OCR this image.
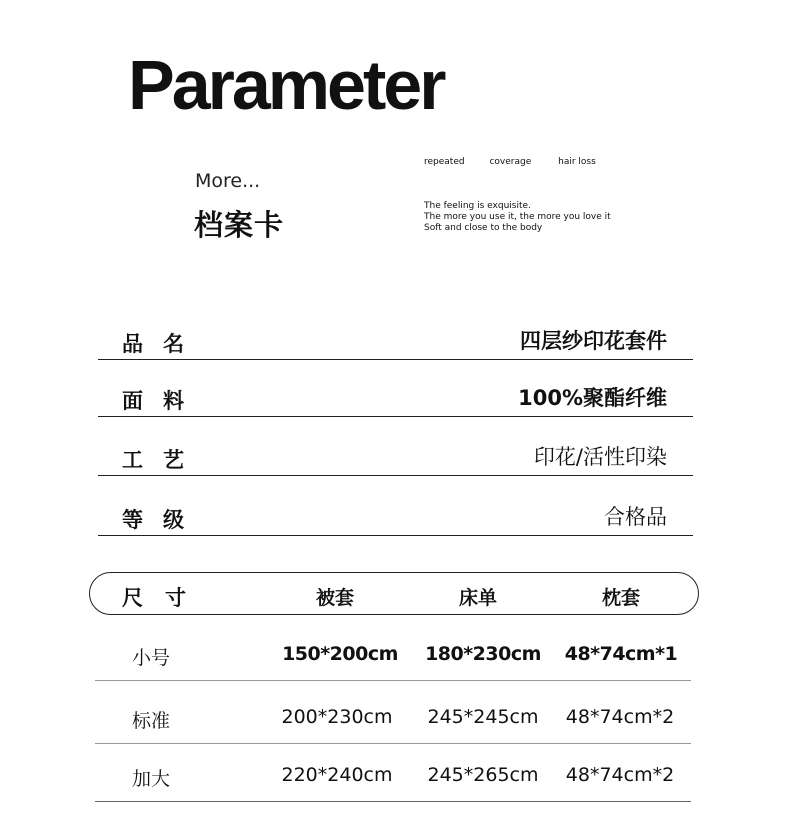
Parameter
More...
档案卡
repeated	coverage	hair loss
The feeling is exquisite.
The more you use it, the more you love it
Soft and close to the body
品名	四层纱印花套件
面料	100%聚酯纤维
工艺	印花/活性印染
等级	合格品
尺寸	被套	床单	枕套
小号	150*200cm 180*230cm 48*74cm*1
标准	200*230cm 245*245cm 48*74cm*2
加大	220*240cm 245*265cm 48*74cm*2
